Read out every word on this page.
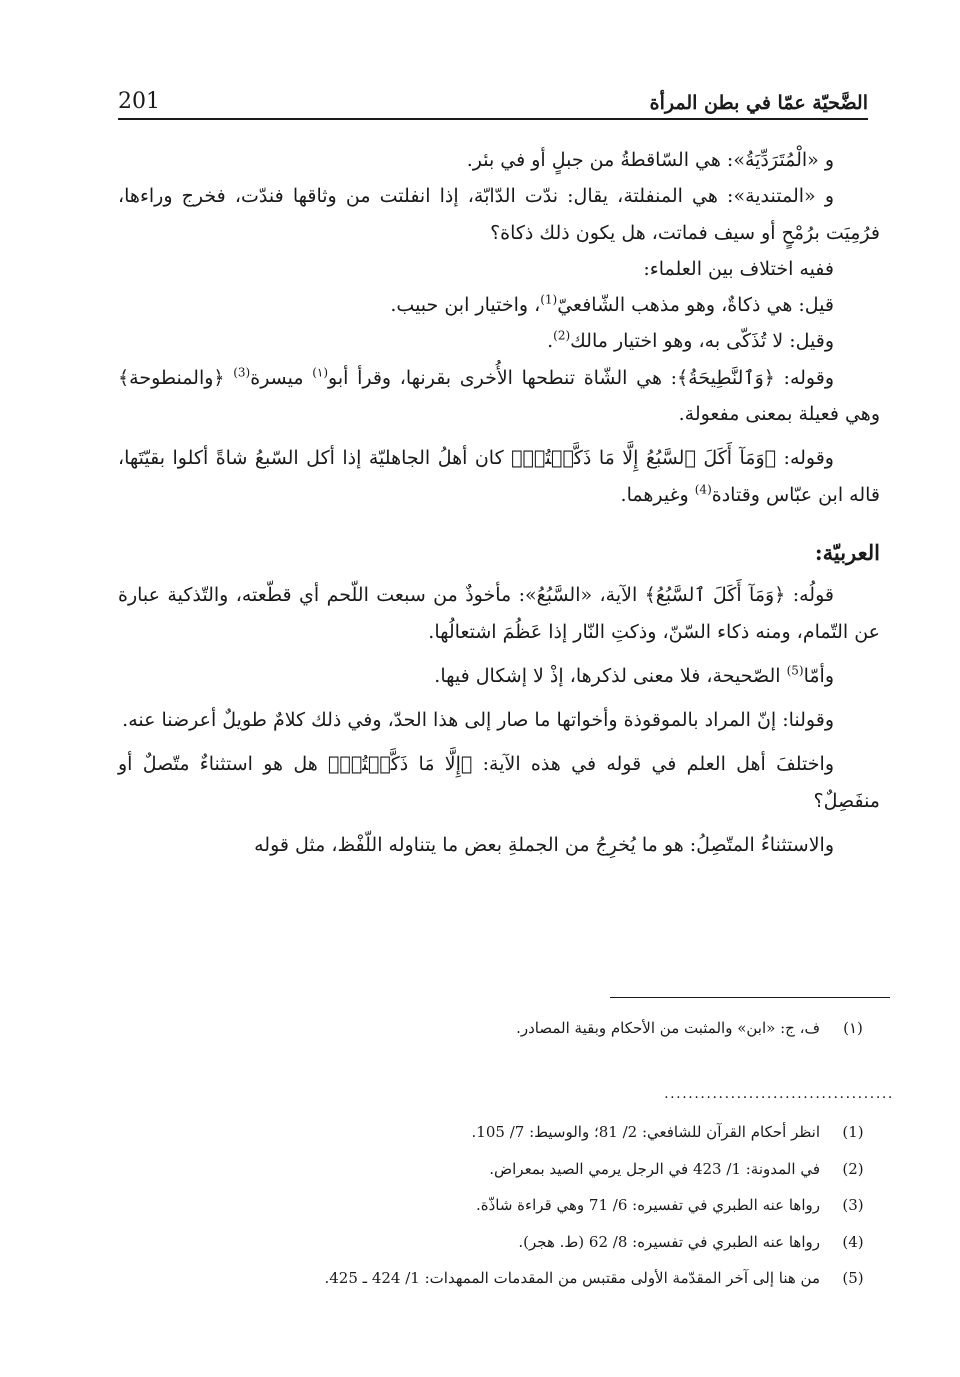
201	الضَّحيّة عمّا في بطن المرأة

و «الْمُتَرَدِّيَةُ»: هي السّاقطةُ من جبلٍ أو في بئر.

و «المتندية»: هي المنفلتة، يقال: ندّت الدّابّة، إذا انفلتت من وثاقها فندّت، فخرج وراءها، فرُمِيَت برُمْحٍ أو سيف فماتت، هل يكون ذلك ذكاة؟

ففيه اختلاف بين العلماء:

قيل: هي ذكاةٌ، وهو مذهب الشّافعيّ$^{(1)}$، واختيار ابن حبيب.

وقيل: لا تُذَكّى به، وهو اختيار مالك$^{(2)}$.

وقوله: ﴿وَٱلنَّطِيحَةُ﴾: هي الشّاة تنطحها الأُخرى بقرنها، وقرأ أبو$^{(١)}$ ميسرة$^{(3)}$ ﴿والمنطوحة﴾ وهي فعيلة بمعنى مفعولة.

وقوله: ﴿وَمَآ أَكَلَ ٱلسَّبُعُ إِلَّا مَا ذَكَّيۡتُمۡ﴾ كان أهلُ الجاهليّة إذا أكل السّبعُ شاةً أكلوا بقيّتَها، قاله ابن عبّاس وقتادة$^{(4)}$ وغيرهما.

العربيّة:

قولُه: ﴿وَمَآ أَكَلَ ٱلسَّبُعُ﴾ الآية، «السَّبُعُ»: مأخوذٌ من سبعت اللّحم أي قطّعته، والتّذكية عبارة عن التّمام، ومنه ذكاء السّنّ، وذكتِ النّار إذا عَظُمَ اشتعالُها.

وأمّا$^{(5)}$ الصّحيحة، فلا معنى لذكرها، إذْ لا إشكال فيها.

وقولنا: إنّ المراد بالموقوذة وأخواتها ما صار إلى هذا الحدّ، وفي ذلك كلامٌ طويلٌ أعرضنا عنه.

واختلفَ أهل العلم في قوله في هذه الآية: ﴿إِلَّا مَا ذَكَّيۡتُمۡ﴾ هل هو استثناءٌ متّصلٌ أو منفَصِلٌ؟

والاستثناءُ المتّصِلُ: هو ما يُخرِجُ من الجملةِ بعض ما يتناوله اللّفْظ، مثل قوله

(١)
ف، ج: «ابن» والمثبت من الأحكام وبقية المصادر.
......................................
(1)
انظر أحكام القرآن للشافعي: 2/ 81؛ والوسيط: 7/ 105.
(2)
في المدونة: 1/ 423 في الرجل يرمي الصيد بمعراض.
(3)
رواها عنه الطبري في تفسيره: 6/ 71 وهي قراءة شاذّة.
(4)
رواها عنه الطبري في تفسيره: 8/ 62 (ط. هجر).
(5)
من هنا إلى آخر المقدّمة الأولى مقتبس من المقدمات الممهدات: 1/ 424 ـ 425.
